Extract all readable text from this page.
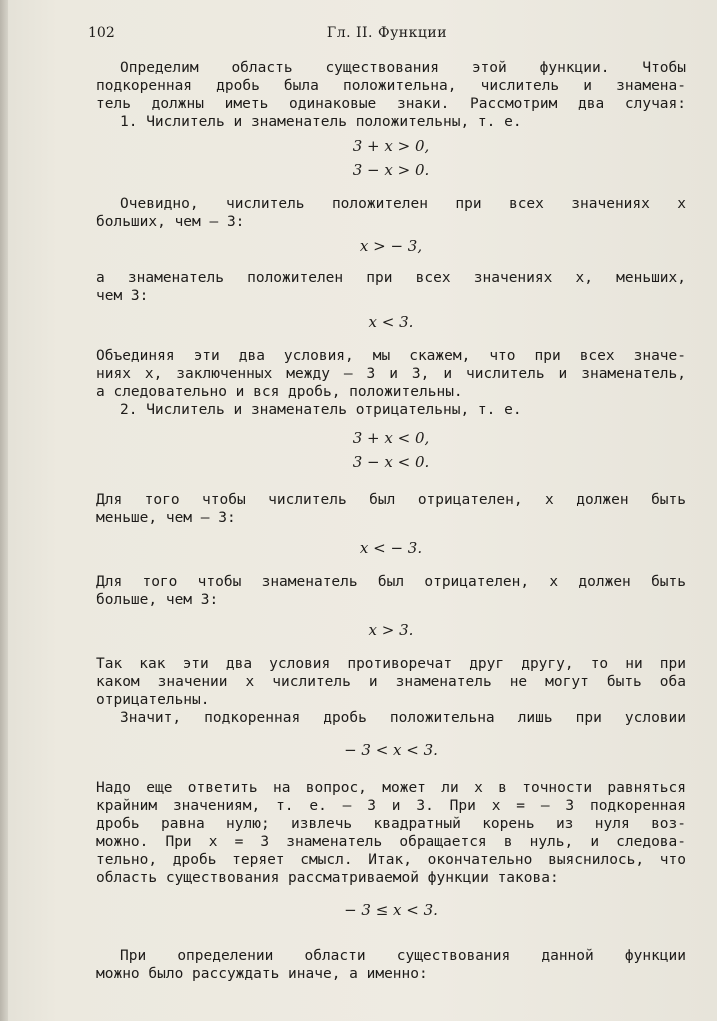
102	Гл. II. Функции
Определим область существования этой функции. Чтобы
подкоренная дробь была положительна, числитель и знамена-
тель должны иметь одинаковые знаки. Рассмотрим два случая:
1. Числитель и знаменатель положительны, т. е.
3 + x > 0,
3 − x > 0.
Очевидно, числитель положителен при всех значениях x
больших, чем — 3:
x > − 3,
а знаменатель положителен при всех значениях x, меньших,
чем 3:
x < 3.
Объединяя эти два условия, мы скажем, что при всех значе-
ниях x, заключенных между — 3 и 3, и числитель и знаменатель,
а следовательно и вся дробь, положительны.
2. Числитель и знаменатель отрицательны, т. е.
3 + x < 0,
3 − x < 0.
Для того чтобы числитель был отрицателен, x должен быть
меньше, чем — 3:
x < − 3.
Для того чтобы знаменатель был отрицателен, x должен быть
больше, чем 3:
x > 3.
Так как эти два условия противоречат друг другу, то ни при
каком значении x числитель и знаменатель не могут быть оба
отрицательны.
Значит, подкоренная дробь положительна лишь при условии
− 3 < x < 3.
Надо еще ответить на вопрос, может ли x в точности равняться
крайним значениям, т. е. — 3 и 3. При x = — 3 подкоренная
дробь равна нулю; извлечь квадратный корень из нуля воз-
можно. При x = 3 знаменатель обращается в нуль, и следова-
тельно, дробь теряет смысл. Итак, окончательно выяснилось, что
область существования рассматриваемой функции такова:
− 3 ≤ x < 3.
При определении области существования данной функции
можно было рассуждать иначе, а именно:
